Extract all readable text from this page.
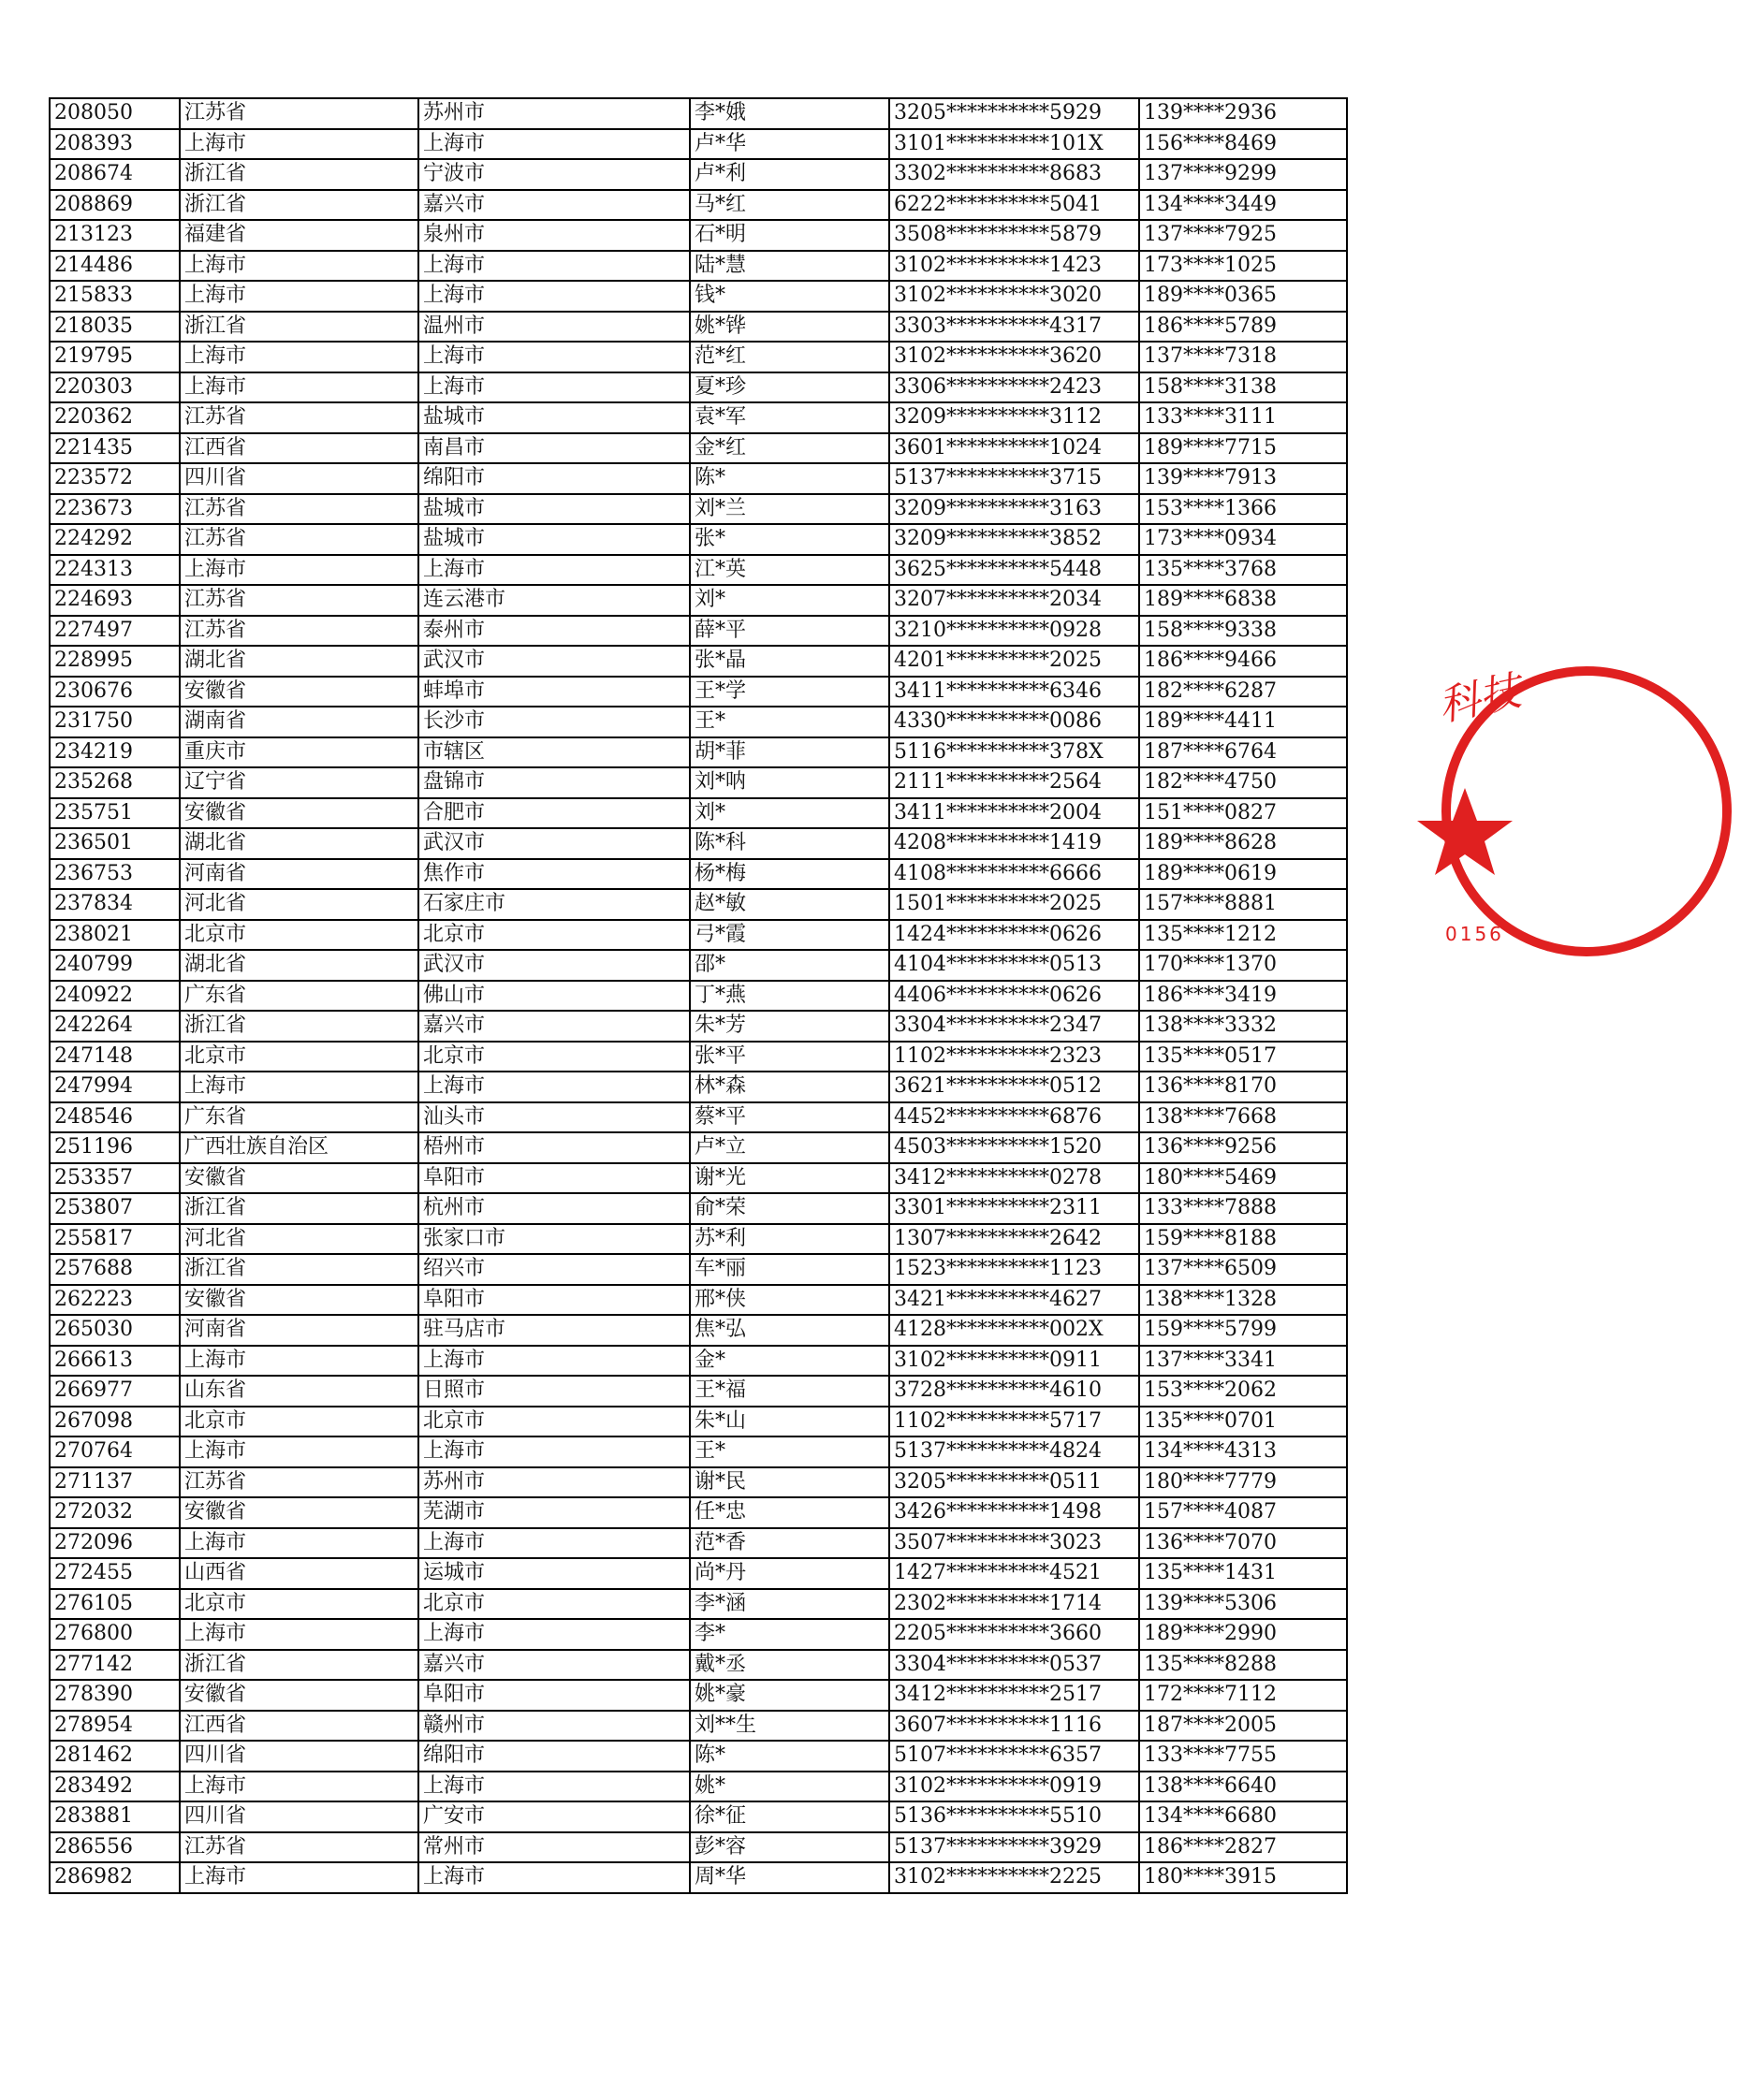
208050	江苏省	苏州市	李*娥	3205**********5929	139****2936
208393	上海市	上海市	卢*华	3101**********101X	156****8469
208674	浙江省	宁波市	卢*利	3302**********8683	137****9299
208869	浙江省	嘉兴市	马*红	6222**********5041	134****3449
213123	福建省	泉州市	石*明	3508**********5879	137****7925
214486	上海市	上海市	陆*慧	3102**********1423	173****1025
215833	上海市	上海市	钱*	3102**********3020	189****0365
218035	浙江省	温州市	姚*铧	3303**********4317	186****5789
219795	上海市	上海市	范*红	3102**********3620	137****7318
220303	上海市	上海市	夏*珍	3306**********2423	158****3138
220362	江苏省	盐城市	袁*军	3209**********3112	133****3111
221435	江西省	南昌市	金*红	3601**********1024	189****7715
223572	四川省	绵阳市	陈*	5137**********3715	139****7913
223673	江苏省	盐城市	刘*兰	3209**********3163	153****1366
224292	江苏省	盐城市	张*	3209**********3852	173****0934
224313	上海市	上海市	江*英	3625**********5448	135****3768
224693	江苏省	连云港市	刘*	3207**********2034	189****6838
227497	江苏省	泰州市	薛*平	3210**********0928	158****9338
228995	湖北省	武汉市	张*晶	4201**********2025	186****9466
230676	安徽省	蚌埠市	王*学	3411**********6346	182****6287
231750	湖南省	长沙市	王*	4330**********0086	189****4411
234219	重庆市	市辖区	胡*菲	5116**********378X	187****6764
235268	辽宁省	盘锦市	刘*呐	2111**********2564	182****4750
235751	安徽省	合肥市	刘*	3411**********2004	151****0827
236501	湖北省	武汉市	陈*科	4208**********1419	189****8628
236753	河南省	焦作市	杨*梅	4108**********6666	189****0619
237834	河北省	石家庄市	赵*敏	1501**********2025	157****8881
238021	北京市	北京市	弓*霞	1424**********0626	135****1212
240799	湖北省	武汉市	邵*	4104**********0513	170****1370
240922	广东省	佛山市	丁*燕	4406**********0626	186****3419
242264	浙江省	嘉兴市	朱*芳	3304**********2347	138****3332
247148	北京市	北京市	张*平	1102**********2323	135****0517
247994	上海市	上海市	林*森	3621**********0512	136****8170
248546	广东省	汕头市	蔡*平	4452**********6876	138****7668
251196	广西壮族自治区	梧州市	卢*立	4503**********1520	136****9256
253357	安徽省	阜阳市	谢*光	3412**********0278	180****5469
253807	浙江省	杭州市	俞*荣	3301**********2311	133****7888
255817	河北省	张家口市	苏*利	1307**********2642	159****8188
257688	浙江省	绍兴市	车*丽	1523**********1123	137****6509
262223	安徽省	阜阳市	邢*侠	3421**********4627	138****1328
265030	河南省	驻马店市	焦*弘	4128**********002X	159****5799
266613	上海市	上海市	金*	3102**********0911	137****3341
266977	山东省	日照市	王*福	3728**********4610	153****2062
267098	北京市	北京市	朱*山	1102**********5717	135****0701
270764	上海市	上海市	王*	5137**********4824	134****4313
271137	江苏省	苏州市	谢*民	3205**********0511	180****7779
272032	安徽省	芜湖市	任*忠	3426**********1498	157****4087
272096	上海市	上海市	范*香	3507**********3023	136****7070
272455	山西省	运城市	尚*丹	1427**********4521	135****1431
276105	北京市	北京市	李*涵	2302**********1714	139****5306
276800	上海市	上海市	李*	2205**********3660	189****2990
277142	浙江省	嘉兴市	戴*丞	3304**********0537	135****8288
278390	安徽省	阜阳市	姚*豪	3412**********2517	172****7112
278954	江西省	赣州市	刘**生	3607**********1116	187****2005
281462	四川省	绵阳市	陈*	5107**********6357	133****7755
283492	上海市	上海市	姚*	3102**********0919	138****6640
283881	四川省	广安市	徐*征	5136**********5510	134****6680
286556	江苏省	常州市	彭*容	5137**********3929	186****2827
286982	上海市	上海市	周*华	3102**********2225	180****3915
科技
0156
